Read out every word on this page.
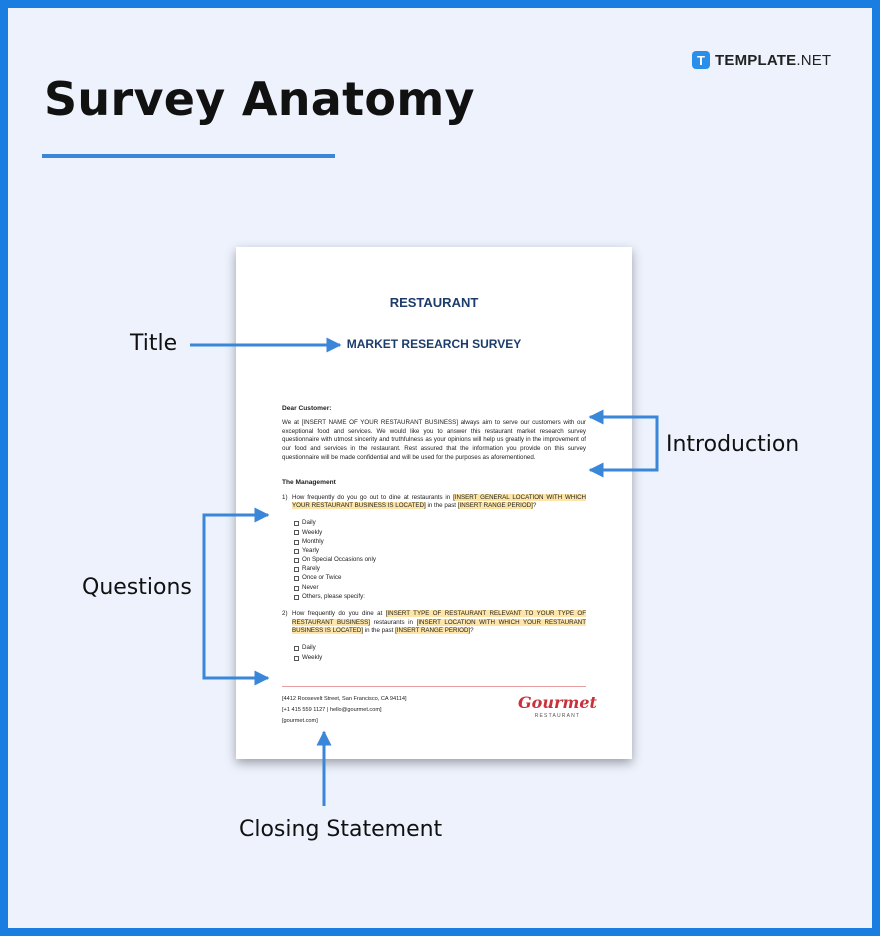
Survey Anatomy
T TEMPLATE.NET
RESTAURANT
MARKET RESEARCH SURVEY
Dear Customer:
We at [INSERT NAME OF YOUR RESTAURANT BUSINESS] always aim to serve our customers with our exceptional food and services. We would like you to answer this restaurant market research survey questionnaire with utmost sincerity and truthfulness as your opinions will help us greatly in the improvement of our food and services in the restaurant. Rest assured that the information you provide on this survey questionnaire will be made confidential and will be used for the purposes as aforementioned.
The Management
1) How frequently do you go out to dine at restaurants in [INSERT GENERAL LOCATION WITH WHICH YOUR RESTAURANT BUSINESS IS LOCATED] in the past [INSERT RANGE PERIOD]?
Daily
Weekly
Monthly
Yearly
On Special Occasions only
Rarely
Once or Twice
Never
Others, please specify:
2) How frequently do you dine at [INSERT TYPE OF RESTAURANT RELEVANT TO YOUR TYPE OF RESTAURANT BUSINESS] restaurants in [INSERT LOCATION WITH WHICH YOUR RESTAURANT BUSINESS IS LOCATED] in the past [INSERT RANGE PERIOD]?
Daily
Weekly
[4412 Roosevelt Street, San Francisco, CA 94114]
[+1 415 559 1127 | hello@gourmet.com]
[gourmet.com]
Gourmet
RESTAURANT
Title
Introduction
Questions
Closing Statement
